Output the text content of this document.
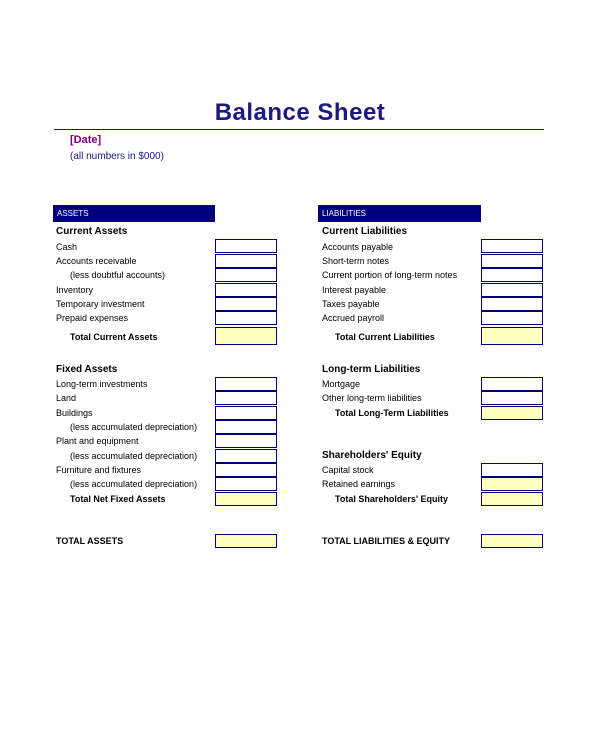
Balance Sheet
[Date]
(all numbers in $000)
ASSETS
Current Assets
Cash
Accounts receivable
(less doubtful accounts)
Inventory
Temporary investment
Prepaid expenses
Total Current Assets
Fixed Assets
Long-term investments
Land
Buildings
(less accumulated depreciation)
Plant and equipment
(less accumulated depreciation)
Furniture and fixtures
(less accumulated depreciation)
Total Net Fixed Assets
TOTAL ASSETS
LIABILITIES
Current Liabilities
Accounts payable
Short-term notes
Current portion of long-term notes
Interest payable
Taxes payable
Accrued payroll
Total Current Liabilities
Long-term Liabilities
Mortgage
Other long-term liabilities
Total Long-Term Liabilities
Shareholders' Equity
Capital stock
Retained earnings
Total Shareholders' Equity
TOTAL LIABILITIES & EQUITY
